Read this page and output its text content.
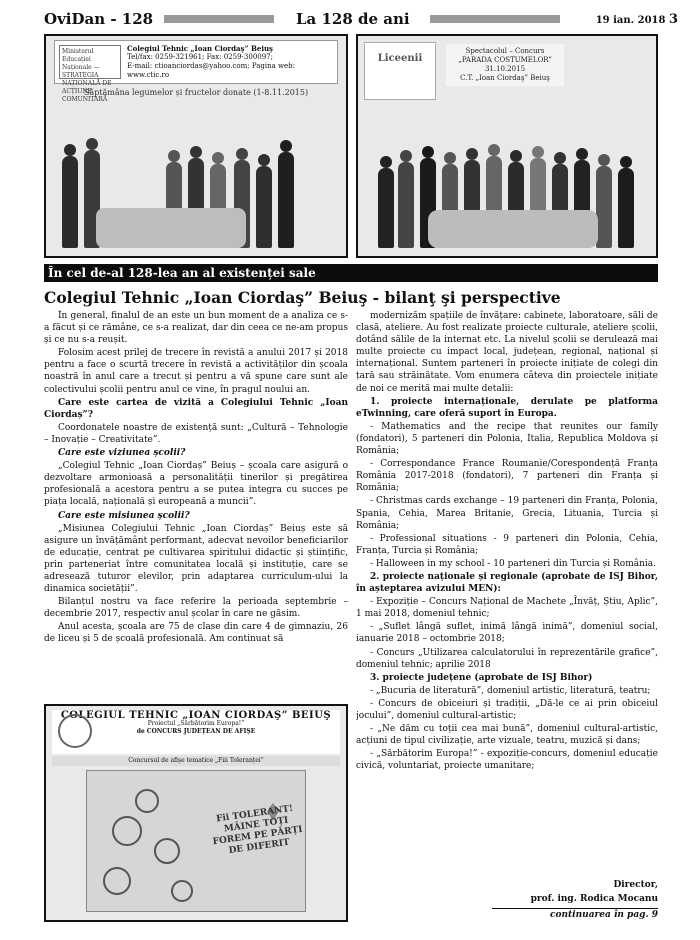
OviDan - 128	La 128 de ani	19 ian. 2018 3
Ministerul Educației Naționale — STRATEGIA NAȚIONALĂ DE ACȚIUNE COMUNITARĂ
Colegiul Tehnic „Ioan Ciordaş” Beiuş
Tel/fax: 0259-321961; Fax: 0259-300097;
E-mail: ctioanciordas@yahoo.com; Pagina web: www.ctic.ro
Săptămâna legumelor și fructelor donate (1-8.11.2015)
Liceenii
Spectacolul – Concurs „PARADA COSTUMELOR”
31.10.2015
C.T. „Ioan Ciordaş” Beiuş
În cel de-al 128-lea an al existenței sale
Colegiul Tehnic „Ioan Ciordaş” Beiuş - bilanţ şi perspective

În general, finalul de an este un bun moment de a analiza ce s-a făcut și ce rămâne, ce s-a realizat, dar din ceea ce ne-am propus și ce nu s-a reușit.

Folosim acest prilej de trecere în revistă a anului 2017 și 2018 pentru a face o scurtă trecere în revistă a activităților din școala noastră în anul care a trecut și pentru a vă spune care sunt ale colectivului școlii pentru anul ce vine, în pragul noului an.

Care este cartea de vizită a Colegiului Tehnic „Ioan Ciordaș”?

Coordonatele noastre de existență sunt: „Cultură – Tehnologie – Inovație – Creativitate”.

Care este viziunea școlii?

„Colegiul Tehnic „Ioan Ciordaș” Beiuș – școala care asigură o dezvoltare armonioasă a personalității tinerilor și pregătirea profesională a acestora pentru a se putea integra cu succes pe piața locală, națională și europeană a muncii”.

Care este misiunea școlii?

„Misiunea Colegiului Tehnic „Ioan Ciordaș” Beiuș este să asigure un învățământ performant, adecvat nevoilor beneficiarilor de educație, centrat pe cultivarea spiritului didactic și științific, prin parteneriat între comunitatea locală și instituție, care se adresează tuturor elevilor, prin adaptarea curriculum-ului la dinamica societății”.

Bilanțul nostru va face referire la perioada septembrie – decembrie 2017, respectiv anul școlar în care ne găsim.

Anul acesta, școala are 75 de clase din care 4 de gimnaziu, 26 de liceu și 5 de școală profesională. Am continuat să

modernizăm spațiile de învățare: cabinete, laboratoare, săli de clasă, ateliere. Au fost realizate proiecte culturale, ateliere școlii, dotând sălile de la internat etc. La nivelul școlii se derulează mai multe proiecte cu impact local, județean, regional, național și internațional. Suntem parteneri în proiecte inițiate de colegi din țară sau străinătate. Vom enumera câteva din proiectele inițiate de noi ce merită mai multe detalii:

1. proiecte internaționale, derulate pe platforma eTwinning, care oferă suport în Europa.

- Mathematics and the recipe that reunites our family (fondatori), 5 parteneri din Polonia, Italia, Republica Moldova și România;

- Correspondance France Roumanie/Corespondență Franța România 2017-2018 (fondatori), 7 parteneri din Franța și România;

- Christmas cards exchange – 19 parteneri din Franța, Polonia, Spania, Cehia, Marea Britanie, Grecia, Lituania, Turcia și România;

- Professional situations - 9 parteneri din Polonia, Cehia, Franța, Turcia și România;

- Halloween in my school - 10 parteneri din Turcia și România.

2. proiecte naționale și regionale (aprobate de ISJ Bihor, în așteptarea avizului MEN):

- Expoziție – Concurs Național de Machete „Învăț, Știu, Aplic”, 1 mai 2018, domeniul tehnic;

- „Suflet lângă suflet, inimă lângă inimă”, domeniul social, ianuarie 2018 – octombrie 2018;

- Concurs „Utilizarea calculatorului în reprezentările grafice”, domeniul tehnic; aprilie 2018

3. proiecte județene (aprobate de ISJ Bihor)

- „Bucuria de literatură”, domeniul artistic, literatură, teatru;

- Concurs de obiceiuri și tradiții, „Dă-le ce ai prin obiceiul jocului”, domeniul cultural-artistic;

- „Ne dăm cu toții cea mai bună”, domeniul cultural-artistic, acțiuni de tipul civilizație, arte vizuale, teatru, muzică și dans;

- „Sărbătorim Europa!” - expoziție-concurs, domeniul educație civică, voluntariat, proiecte umanitare;

Director,
prof. ing. Rodica Mocanu
continuarea în pag. 9
COLEGIUL TEHNIC „IOAN CIORDAŞ” BEIUŞ
Proiectul „Sărbătorim Europa!”
de CONCURS JUDEȚEAN DE AFIȘE
Concursul de afișe tematice „Fiii Toleranței”
Fii TOLERANT! MÂINE TOȚI FOREM PE PĂRȚI DE DIFERIT
